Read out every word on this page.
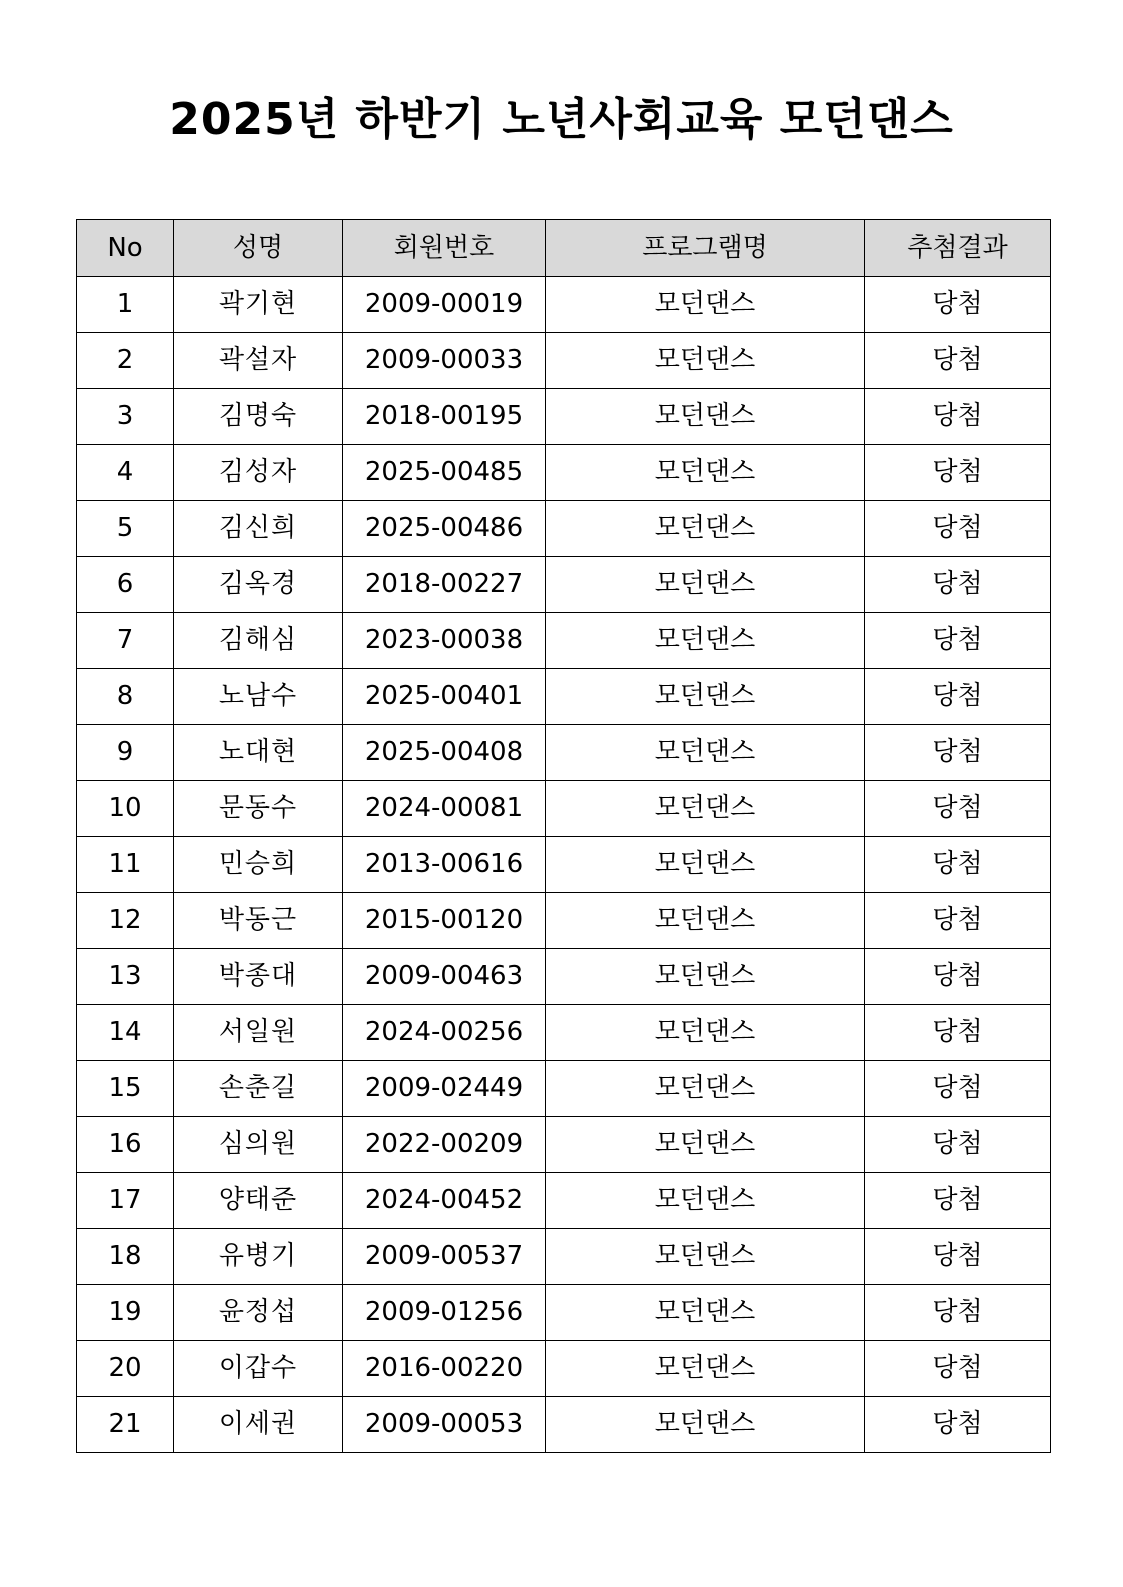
2025년 하반기 노년사회교육 모던댄스
No	성명	회원번호	프로그램명	추첨결과
1	곽기현	2009-00019	모던댄스	당첨
2	곽설자	2009-00033	모던댄스	당첨
3	김명숙	2018-00195	모던댄스	당첨
4	김성자	2025-00485	모던댄스	당첨
5	김신희	2025-00486	모던댄스	당첨
6	김옥경	2018-00227	모던댄스	당첨
7	김해심	2023-00038	모던댄스	당첨
8	노남수	2025-00401	모던댄스	당첨
9	노대현	2025-00408	모던댄스	당첨
10	문동수	2024-00081	모던댄스	당첨
11	민승희	2013-00616	모던댄스	당첨
12	박동근	2015-00120	모던댄스	당첨
13	박종대	2009-00463	모던댄스	당첨
14	서일원	2024-00256	모던댄스	당첨
15	손춘길	2009-02449	모던댄스	당첨
16	심의원	2022-00209	모던댄스	당첨
17	양태준	2024-00452	모던댄스	당첨
18	유병기	2009-00537	모던댄스	당첨
19	윤정섭	2009-01256	모던댄스	당첨
20	이갑수	2016-00220	모던댄스	당첨
21	이세권	2009-00053	모던댄스	당첨
